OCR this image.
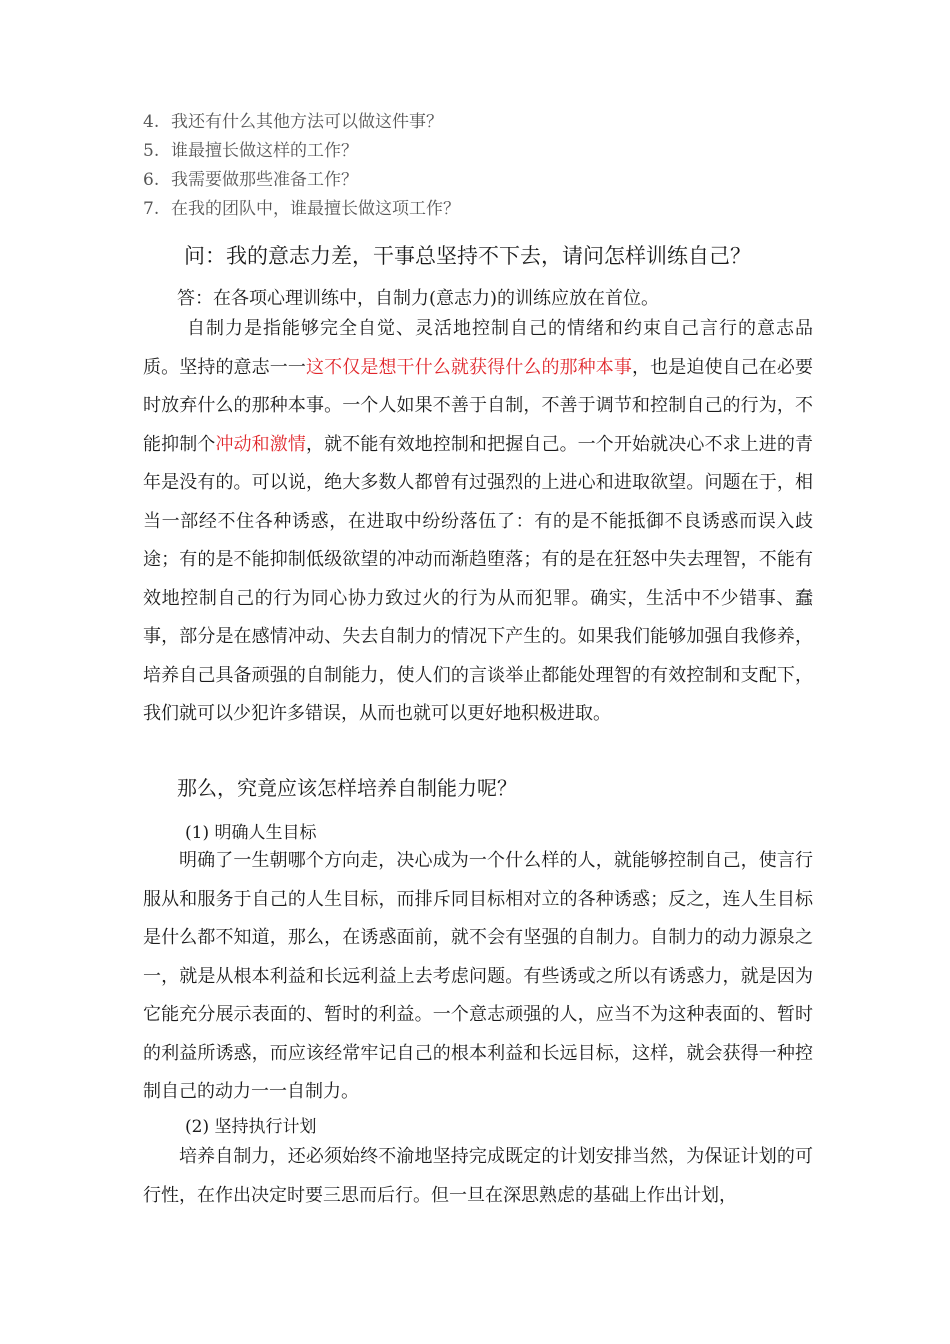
4. 我还有什么其他方法可以做这件事？
5. 谁最擅长做这样的工作？
6. 我需要做那些准备工作？
7. 在我的团队中，谁最擅长做这项工作？
问：我的意志力差，干事总坚持不下去，请问怎样训练自己？
答：在各项心理训练中，自制力(意志力)的训练应放在首位。
自制力是指能够完全自觉、灵活地控制自己的情绪和约束自己言行的意志品质。坚持的意志一一这不仅是想干什么就获得什么的那种本事，也是迫使自己在必要时放弃什么的那种本事。一个人如果不善于自制，不善于调节和控制自己的行为，不能抑制个冲动和激情，就不能有效地控制和把握自己。一个开始就决心不求上进的青年是没有的。可以说，绝大多数人都曾有过强烈的上进心和进取欲望。问题在于，相当一部经不住各种诱惑，在进取中纷纷落伍了：有的是不能抵御不良诱惑而误入歧途；有的是不能抑制低级欲望的冲动而渐趋堕落；有的是在狂怒中失去理智，不能有效地控制自己的行为同心协力致过火的行为从而犯罪。确实，生活中不少错事、蠢事，部分是在感情冲动、失去自制力的情况下产生的。如果我们能够加强自我修养，培养自己具备顽强的自制能力，使人们的言谈举止都能处理智的有效控制和支配下，我们就可以少犯许多错误，从而也就可以更好地积极进取。
那么，究竟应该怎样培养自制能力呢？
(1) 明确人生目标
明确了一生朝哪个方向走，决心成为一个什么样的人，就能够控制自己，使言行服从和服务于自己的人生目标，而排斥同目标相对立的各种诱惑；反之，连人生目标是什么都不知道，那么，在诱惑面前，就不会有坚强的自制力。自制力的动力源泉之一，就是从根本利益和长远利益上去考虑问题。有些诱或之所以有诱惑力，就是因为它能充分展示表面的、暂时的利益。一个意志顽强的人，应当不为这种表面的、暂时的利益所诱惑，而应该经常牢记自己的根本利益和长远目标，这样，就会获得一种控制自己的动力一一自制力。
(2) 坚持执行计划
培养自制力，还必须始终不渝地坚持完成既定的计划安排当然，为保证计划的可行性，在作出决定时要三思而后行。但一旦在深思熟虑的基础上作出计划，
